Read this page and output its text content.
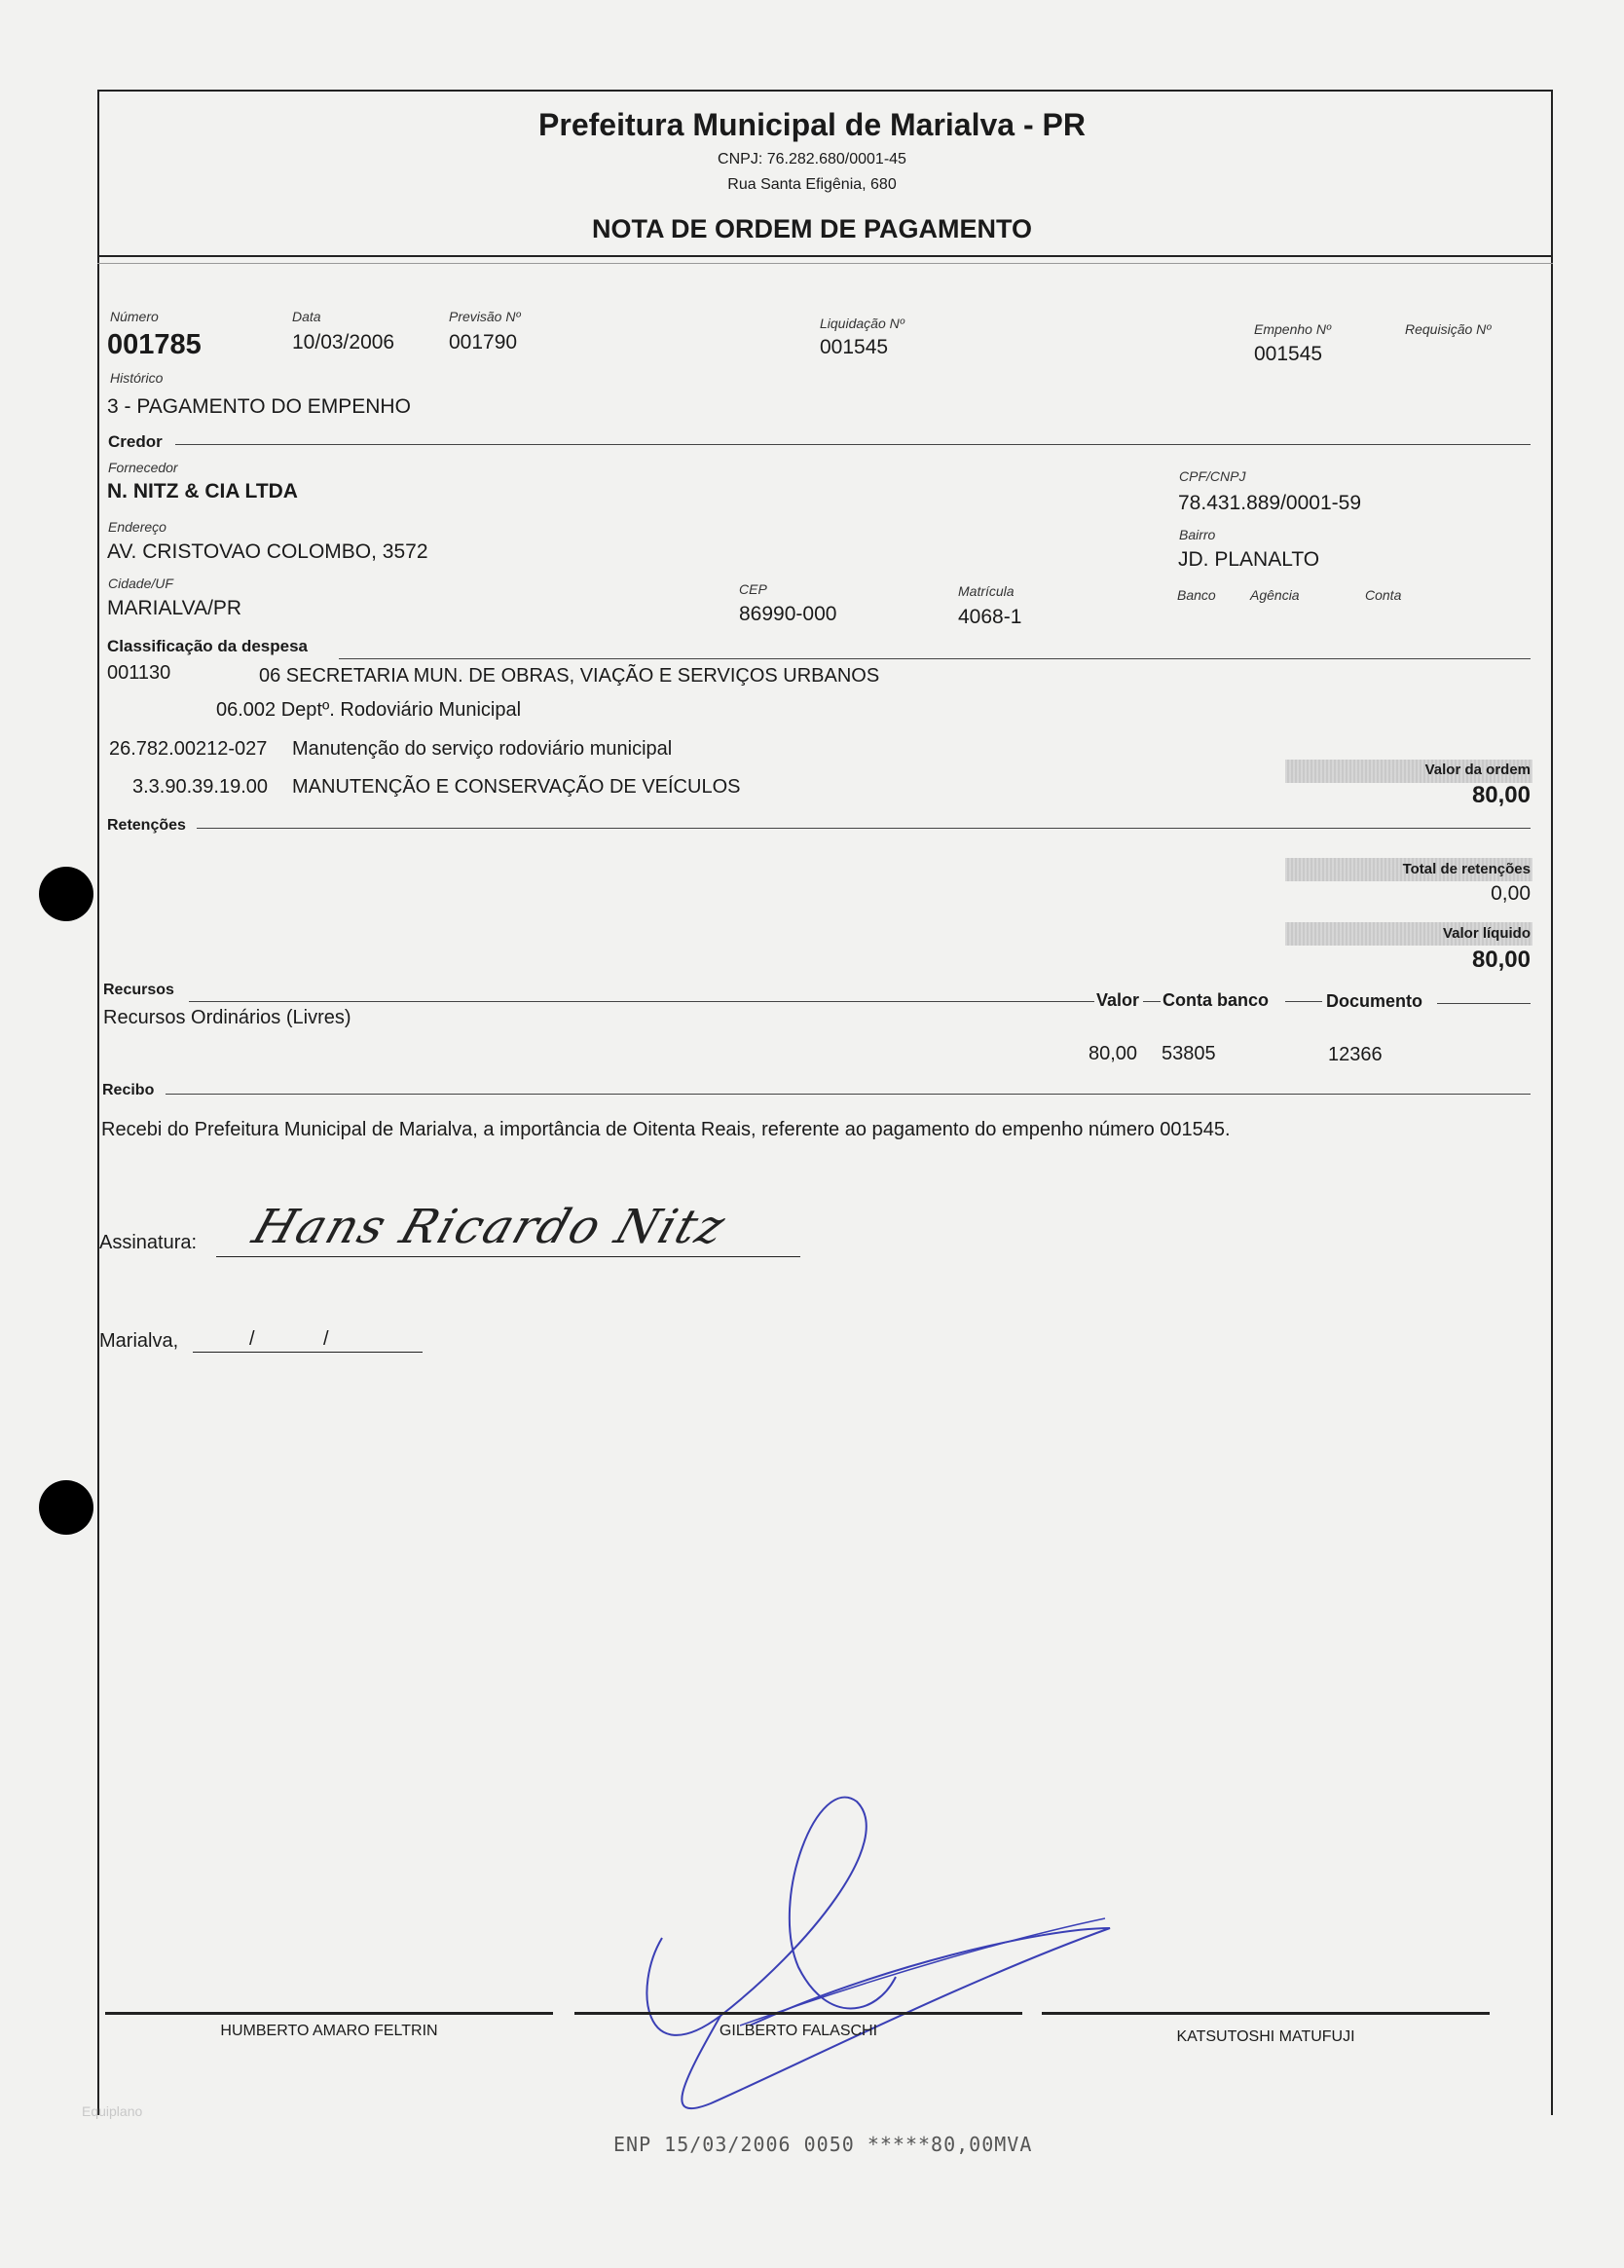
Prefeitura Municipal de Marialva - PR
CNPJ: 76.282.680/0001-45
Rua Santa Efigênia, 680
NOTA DE ORDEM DE PAGAMENTO
Número
001785
Data
10/03/2006
Previsão Nº
001790
Liquidação Nº
001545
Empenho Nº
001545
Requisição Nº
Histórico
3 - PAGAMENTO DO EMPENHO
Credor
Fornecedor
N. NITZ & CIA LTDA
CPF/CNPJ
78.431.889/0001-59
Endereço
AV. CRISTOVAO COLOMBO, 3572
Bairro
JD. PLANALTO
Cidade/UF
MARIALVA/PR
CEP
86990-000
Matrícula
4068-1
Banco	Agência	Conta
Classificação da despesa
001130	06 SECRETARIA MUN. DE OBRAS, VIAÇÃO E SERVIÇOS URBANOS
06.002 Deptº. Rodoviário Municipal
26.782.00212-027 Manutenção do serviço rodoviário municipal
3.3.90.39.19.00 MANUTENÇÃO E CONSERVAÇÃO DE VEÍCULOS
Valor da ordem
80,00
Retenções
Total de retenções
0,00
Valor líquido
80,00
Recursos
Valor Conta banco	Documento
Recursos Ordinários (Livres)
80,00 53805	12366
Recibo
Recebi do Prefeitura Municipal de Marialva, a importância de Oitenta Reais, referente ao pagamento do empenho número 001545.
Assinatura: Hans Ricardo Nitz
Marialva,	/	/
HUMBERTO AMARO FELTRIN	GILBERTO FALASCHI	KATSUTOSHI MATUFUJI
Equiplano
ENP 15/03/2006 0050 *****80,00MVA
